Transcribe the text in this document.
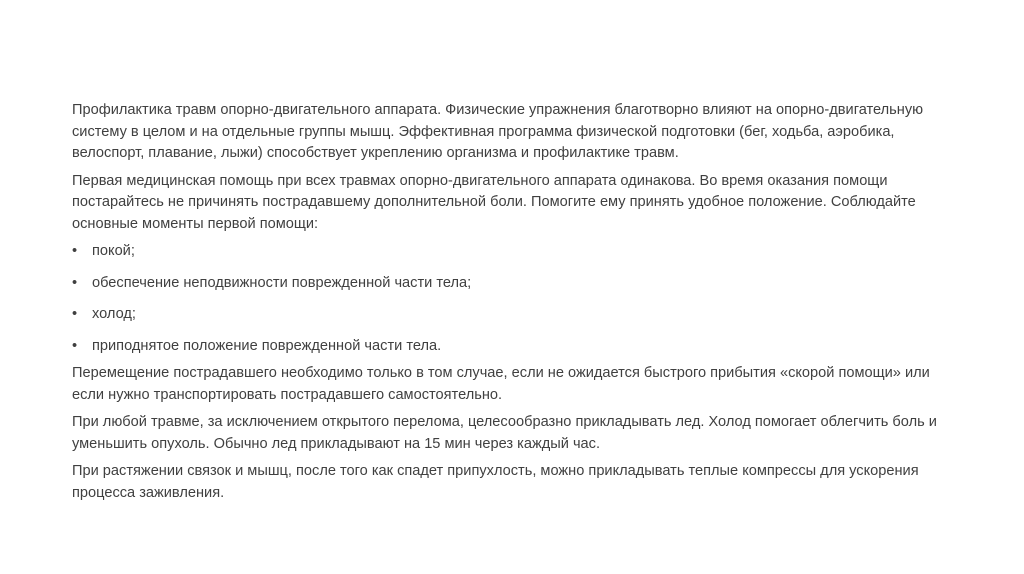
Профилактика травм опорно-двигательного аппарата. Физические упражнения благотворно влияют на опорно-двигательную систему в целом и на отдельные группы мышц. Эффективная программа физической подготовки (бег, ходьба, аэробика, велоспорт, плавание, лыжи) способствует укреплению организма и профилактике травм.

Первая медицинская помощь при всех травмах опорно-двигательного аппарата одинакова. Во время оказания помощи постарайтесь не причинять пострадавшему дополнительной боли. Помогите ему принять удобное положение. Соблюдайте основные моменты первой помощи:

• покой;
• обеспечение неподвижности поврежденной части тела;
• холод;
• приподнятое положение поврежденной части тела.

Перемещение пострадавшего необходимо только в том случае, если не ожидается быстрого прибытия «скорой помощи» или если нужно транспортировать пострадавшего самостоятельно.

При любой травме, за исключением открытого перелома, целесообразно прикладывать лед. Холод помогает облегчить боль и уменьшить опухоль. Обычно лед прикладывают на 15 мин через каждый час.

При растяжении связок и мышц, после того как спадет припухлость, можно прикладывать теплые компрессы для ускорения процесса заживления.
